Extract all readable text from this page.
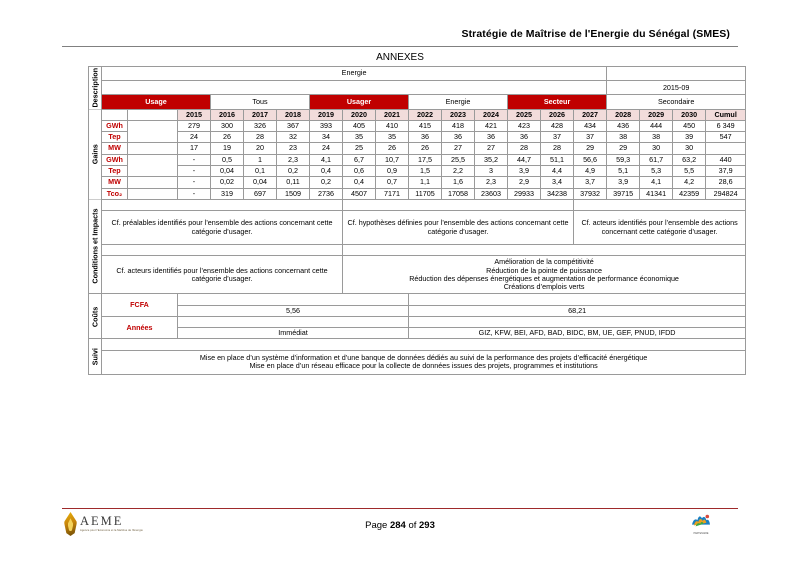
Stratégie de Maîtrise de l'Energie du Sénégal (SMES)
ANNEXES
Description	Energie															N° Fiche			
																2015-09			
	Usage			Tous			Usager			Energie			Secteur			Secondaire			
Gains		Années	2015	2016	2017	2018	2019	2020	2021	2022	2023	2024	2025	2026	2027	2028	2029	2030	Cumul
	GWh	Demande Energie	279	300	326	367	393	405	410	415	418	421	423	428	434	436	444	450	6 349
	Tep		24	26	28	32	34	35	35	36	36	36	36	37	37	38	38	39	547
	MW	Pointe	17	19	20	23	24	25	26	26	27	27	28	28	29	29	30	30	
	GWh	Gains Energie	-	0,5	1	2,3	4,1	6,7	10,7	17,5	25,5	35,2	44,7	51,1	56,6	59,3	61,7	63,2	440
	Tep		-	0,04	0,1	0,2	0,4	0,6	0,9	1,5	2,2	3	3,9	4,4	4,9	5,1	5,3	5,5	37,9
	MW	Gains Pointe	-	0,02	0,04	0,11	0,2	0,4	0,7	1,1	1,6	2,3	2,9	3,4	3,7	3,9	4,1	4,2	28,6
	Tco₂	Gains CO₂	-	319	697	1509	2736	4507	7171	11705	17058	23603	29933	34238	37932	39715	41341	42359	294824
Conditions et Impacts	Préalables/Barrières							Hypothèses							Acteurs Mise en Œuvre				
	Cf. préalables identifiés pour l’ensemble des actions concernant cette catégorie d’usager.							Cf. hypothèses définies pour l’ensemble des actions concernant cette catégorie d’usager.							Cf. acteurs identifiés pour l’ensemble des actions concernant cette catégorie d’usager.				
	Partenaires							Impacts Socio-économiques											
	Cf. acteurs identifiés pour l’ensemble des actions concernant cette catégorie d’usager.							Amélioration de la compétitivité
Réduction de la pointe de puissance
Réduction des dépenses énergétiques et augmentation de performance économique
Créations d’emplois verts											

Coûts	FCFA		Investissement en Milliards							Economies Monétaires en Milliards									
			5,56							68,21									
	Années		Temps de retour							Origine Possible Financement									
			Immédiat							GIZ, KFW, BEI, AFD, BAD, BIDC, BM, UE, GEF, PNUD, IFDD									
Suivi	Suivi-Exploitation																		

	Mise en place d’un système d’information et d’une banque de données dédiés au suivi de la performance des projets d’efficacité énergétique
Mise en place d’un réseau efficace pour la collecte de données issues des projets, programmes et institutions																		
AEME
Agence pour l'Economie et la Maîtrise de l'Energie	Page 284 of 293
PARTENAIRE
